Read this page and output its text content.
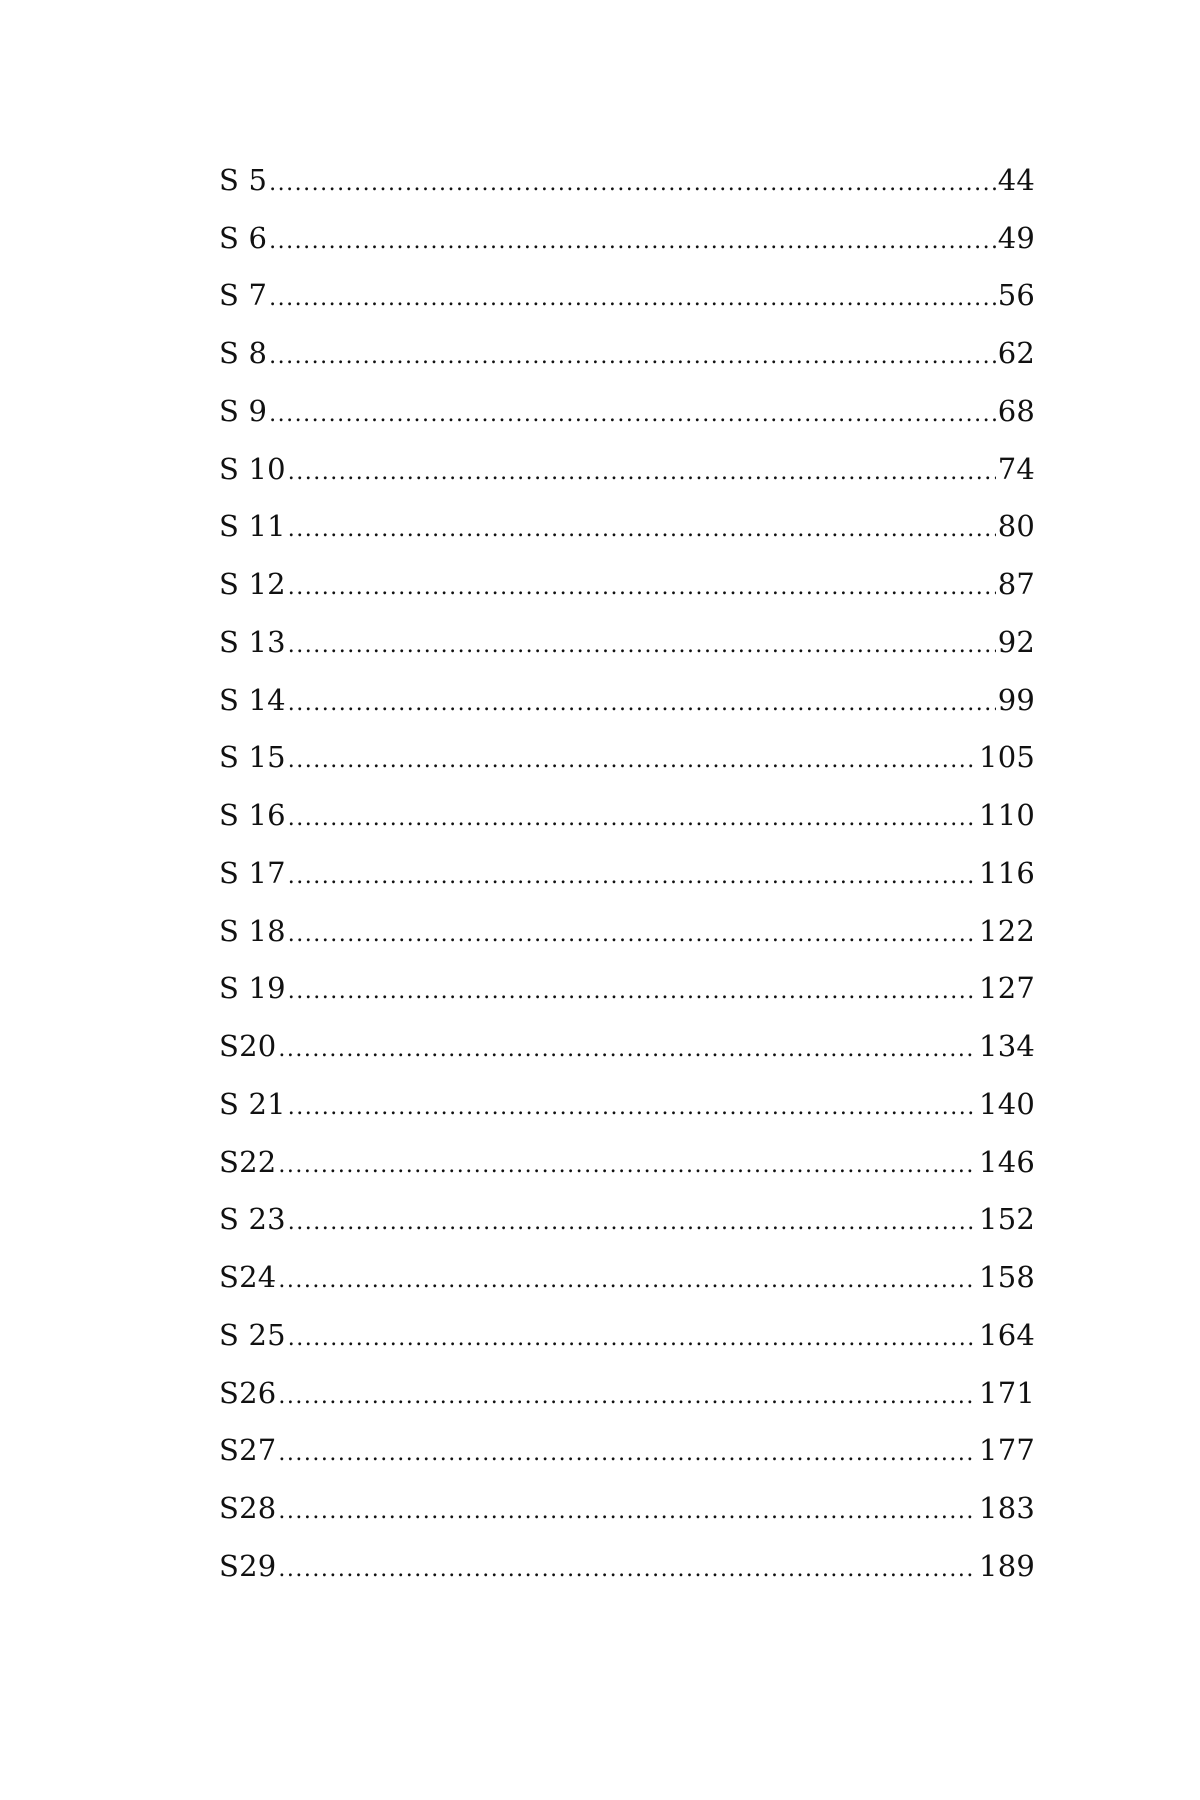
S 5 .....	44
S 6 .....	49
S 7 .....	56
S 8 .....	62
S 9 .....	68
S 10 .....	74
S 11 .....	80
S 12 .....	87
S 13 .....	92
S 14 .....	99
S 15 .....	105
S 16 .....	110
S 17 .....	116
S 18 .....	122
S 19 .....	127
S20 .....	134
S 21 .....	140
S22 .....	146
S 23 .....	152
S24 .....	158
S 25 .....	164
S26 .....	171
S27 .....	177
S28 .....	183
S29 .....	189
